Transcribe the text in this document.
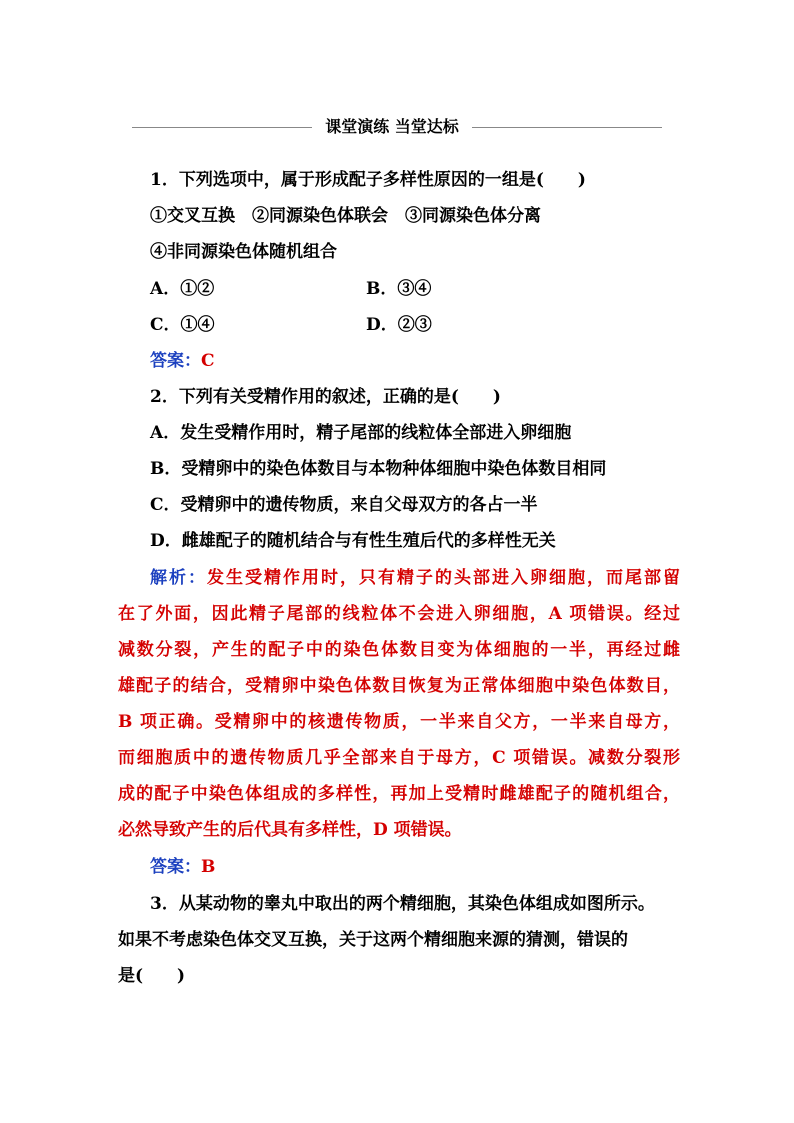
课堂演练 当堂达标
1．下列选项中，属于形成配子多样性原因的一组是(　　)
①交叉互换　②同源染色体联会　③同源染色体分离
④非同源染色体随机组合
A．①②	B．③④
C．①④	D．②③
答案：C
2．下列有关受精作用的叙述，正确的是(　　)
A．发生受精作用时，精子尾部的线粒体全部进入卵细胞
B．受精卵中的染色体数目与本物种体细胞中染色体数目相同
C．受精卵中的遗传物质，来自父母双方的各占一半
D．雌雄配子的随机结合与有性生殖后代的多样性无关
解析：发生受精作用时，只有精子的头部进入卵细胞，而尾部留
在了外面，因此精子尾部的线粒体不会进入卵细胞，A 项错误。经过
减数分裂，产生的配子中的染色体数目变为体细胞的一半，再经过雌
雄配子的结合，受精卵中染色体数目恢复为正常体细胞中染色体数目，
B 项正确。受精卵中的核遗传物质，一半来自父方，一半来自母方，
而细胞质中的遗传物质几乎全部来自于母方，C 项错误。减数分裂形
成的配子中染色体组成的多样性，再加上受精时雌雄配子的随机组合，
必然导致产生的后代具有多样性，D 项错误。
答案：B
3．从某动物的睾丸中取出的两个精细胞，其染色体组成如图所示。
如果不考虑染色体交叉互换，关于这两个精细胞来源的猜测，错误的
是(　　)
